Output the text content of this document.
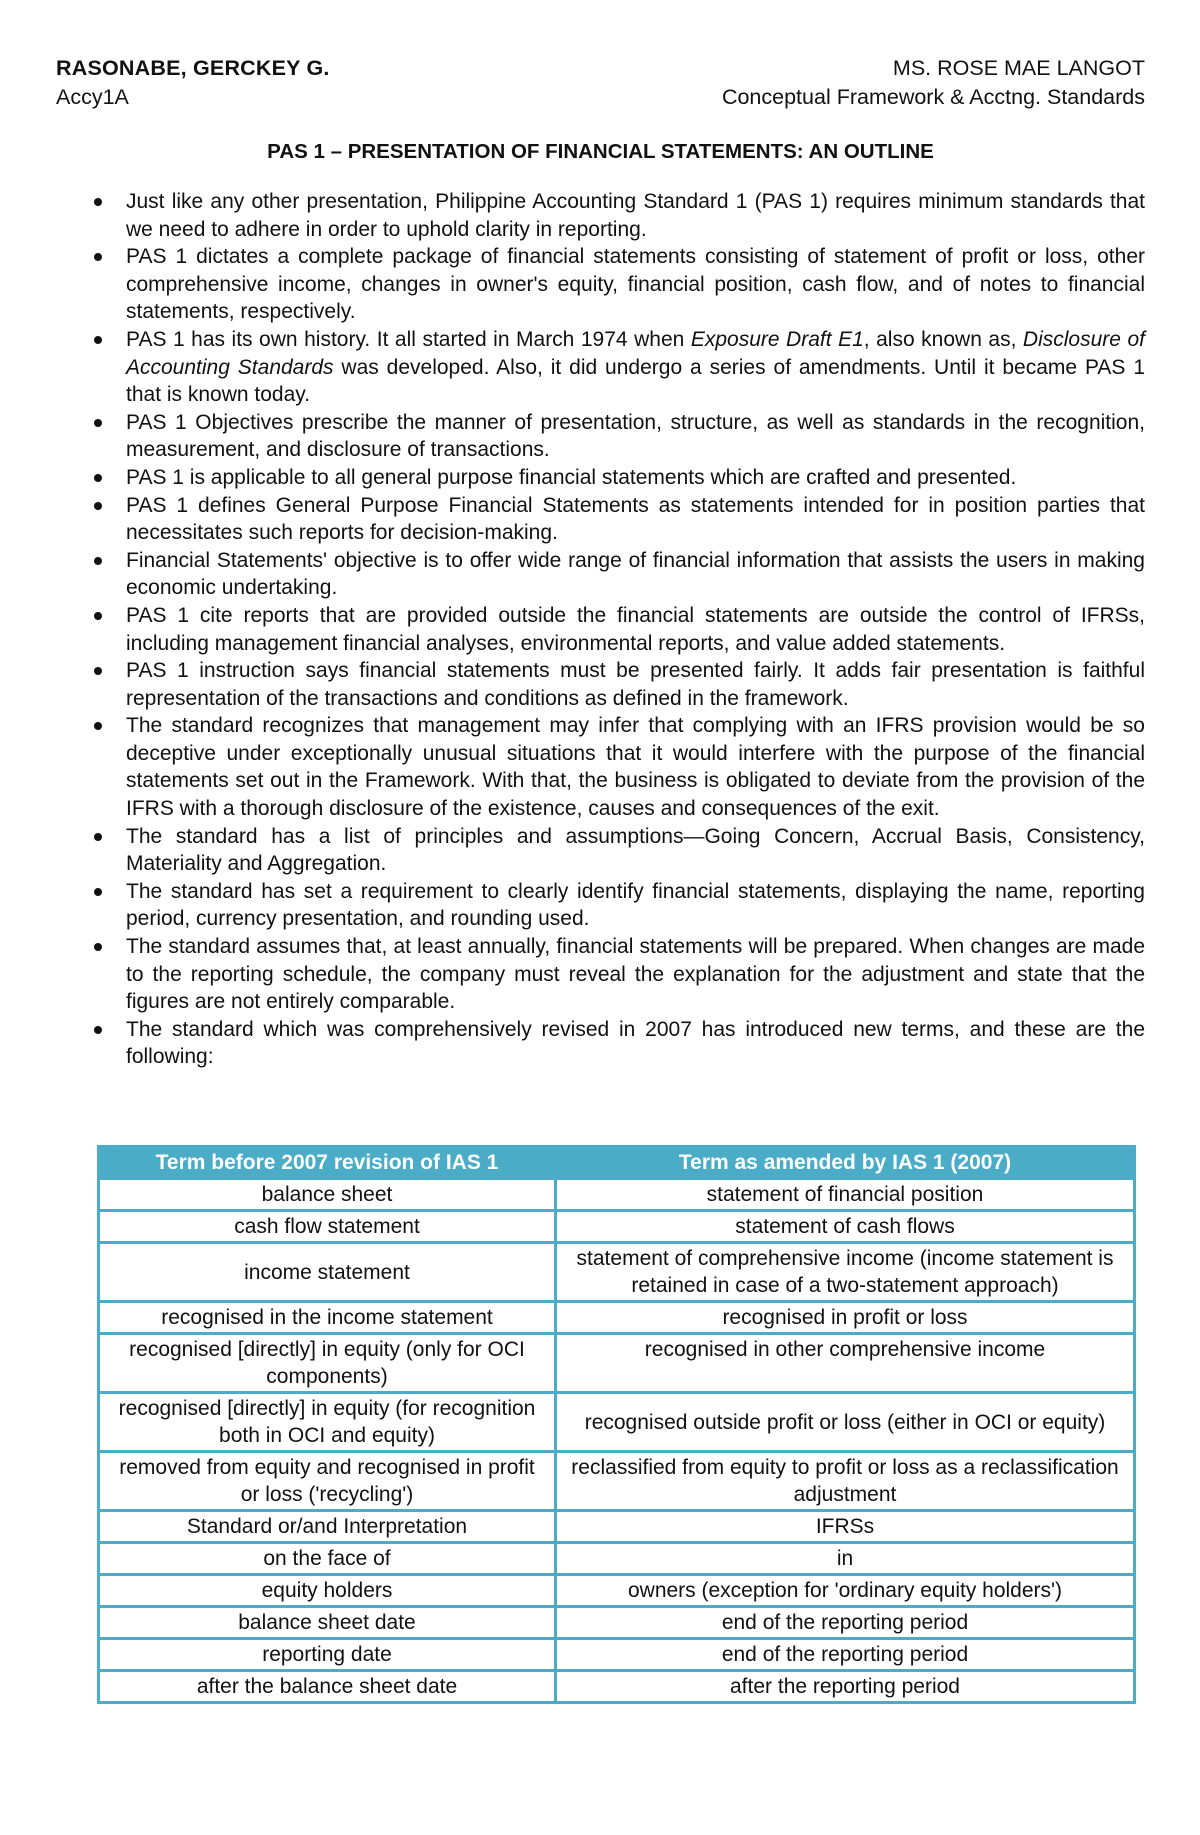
RASONABE, GERCKEY G.	MS. ROSE MAE LANGOT
Accy1A	Conceptual Framework & Acctng. Standards
PAS 1 – PRESENTATION OF FINANCIAL STATEMENTS: AN OUTLINE
Just like any other presentation, Philippine Accounting Standard 1 (PAS 1) requires minimum standards that we need to adhere in order to uphold clarity in reporting.
PAS 1 dictates a complete package of financial statements consisting of statement of profit or loss, other comprehensive income, changes in owner's equity, financial position, cash flow, and of notes to financial statements, respectively.
PAS 1 has its own history. It all started in March 1974 when Exposure Draft E1, also known as, Disclosure of Accounting Standards was developed. Also, it did undergo a series of amendments. Until it became PAS 1 that is known today.
PAS 1 Objectives prescribe the manner of presentation, structure, as well as standards in the recognition, measurement, and disclosure of transactions.
PAS 1 is applicable to all general purpose financial statements which are crafted and presented.
PAS 1 defines General Purpose Financial Statements as statements intended for in position parties that necessitates such reports for decision-making.
Financial Statements' objective is to offer wide range of financial information that assists the users in making economic undertaking.
PAS 1 cite reports that are provided outside the financial statements are outside the control of IFRSs, including management financial analyses, environmental reports, and value added statements.
PAS 1 instruction says financial statements must be presented fairly. It adds fair presentation is faithful representation of the transactions and conditions as defined in the framework.
The standard recognizes that management may infer that complying with an IFRS provision would be so deceptive under exceptionally unusual situations that it would interfere with the purpose of the financial statements set out in the Framework. With that, the business is obligated to deviate from the provision of the IFRS with a thorough disclosure of the existence, causes and consequences of the exit.
The standard has a list of principles and assumptions—Going Concern, Accrual Basis, Consistency, Materiality and Aggregation.
The standard has set a requirement to clearly identify financial statements, displaying the name, reporting period, currency presentation, and rounding used.
The standard assumes that, at least annually, financial statements will be prepared. When changes are made to the reporting schedule, the company must reveal the explanation for the adjustment and state that the figures are not entirely comparable.
The standard which was comprehensively revised in 2007 has introduced new terms, and these are the following:
Term before 2007 revision of IAS 1	Term as amended by IAS 1 (2007)
balance sheet	statement of financial position
cash flow statement	statement of cash flows
income statement	statement of comprehensive income (income statement is retained in case of a two-statement approach)
recognised in the income statement	recognised in profit or loss
recognised [directly] in equity (only for OCI components)	recognised in other comprehensive income
recognised [directly] in equity (for recognition both in OCI and equity)	recognised outside profit or loss (either in OCI or equity)
removed from equity and recognised in profit or loss ('recycling')	reclassified from equity to profit or loss as a reclassification adjustment
Standard or/and Interpretation	IFRSs
on the face of	in
equity holders	owners (exception for 'ordinary equity holders')
balance sheet date	end of the reporting period
reporting date	end of the reporting period
after the balance sheet date	after the reporting period
